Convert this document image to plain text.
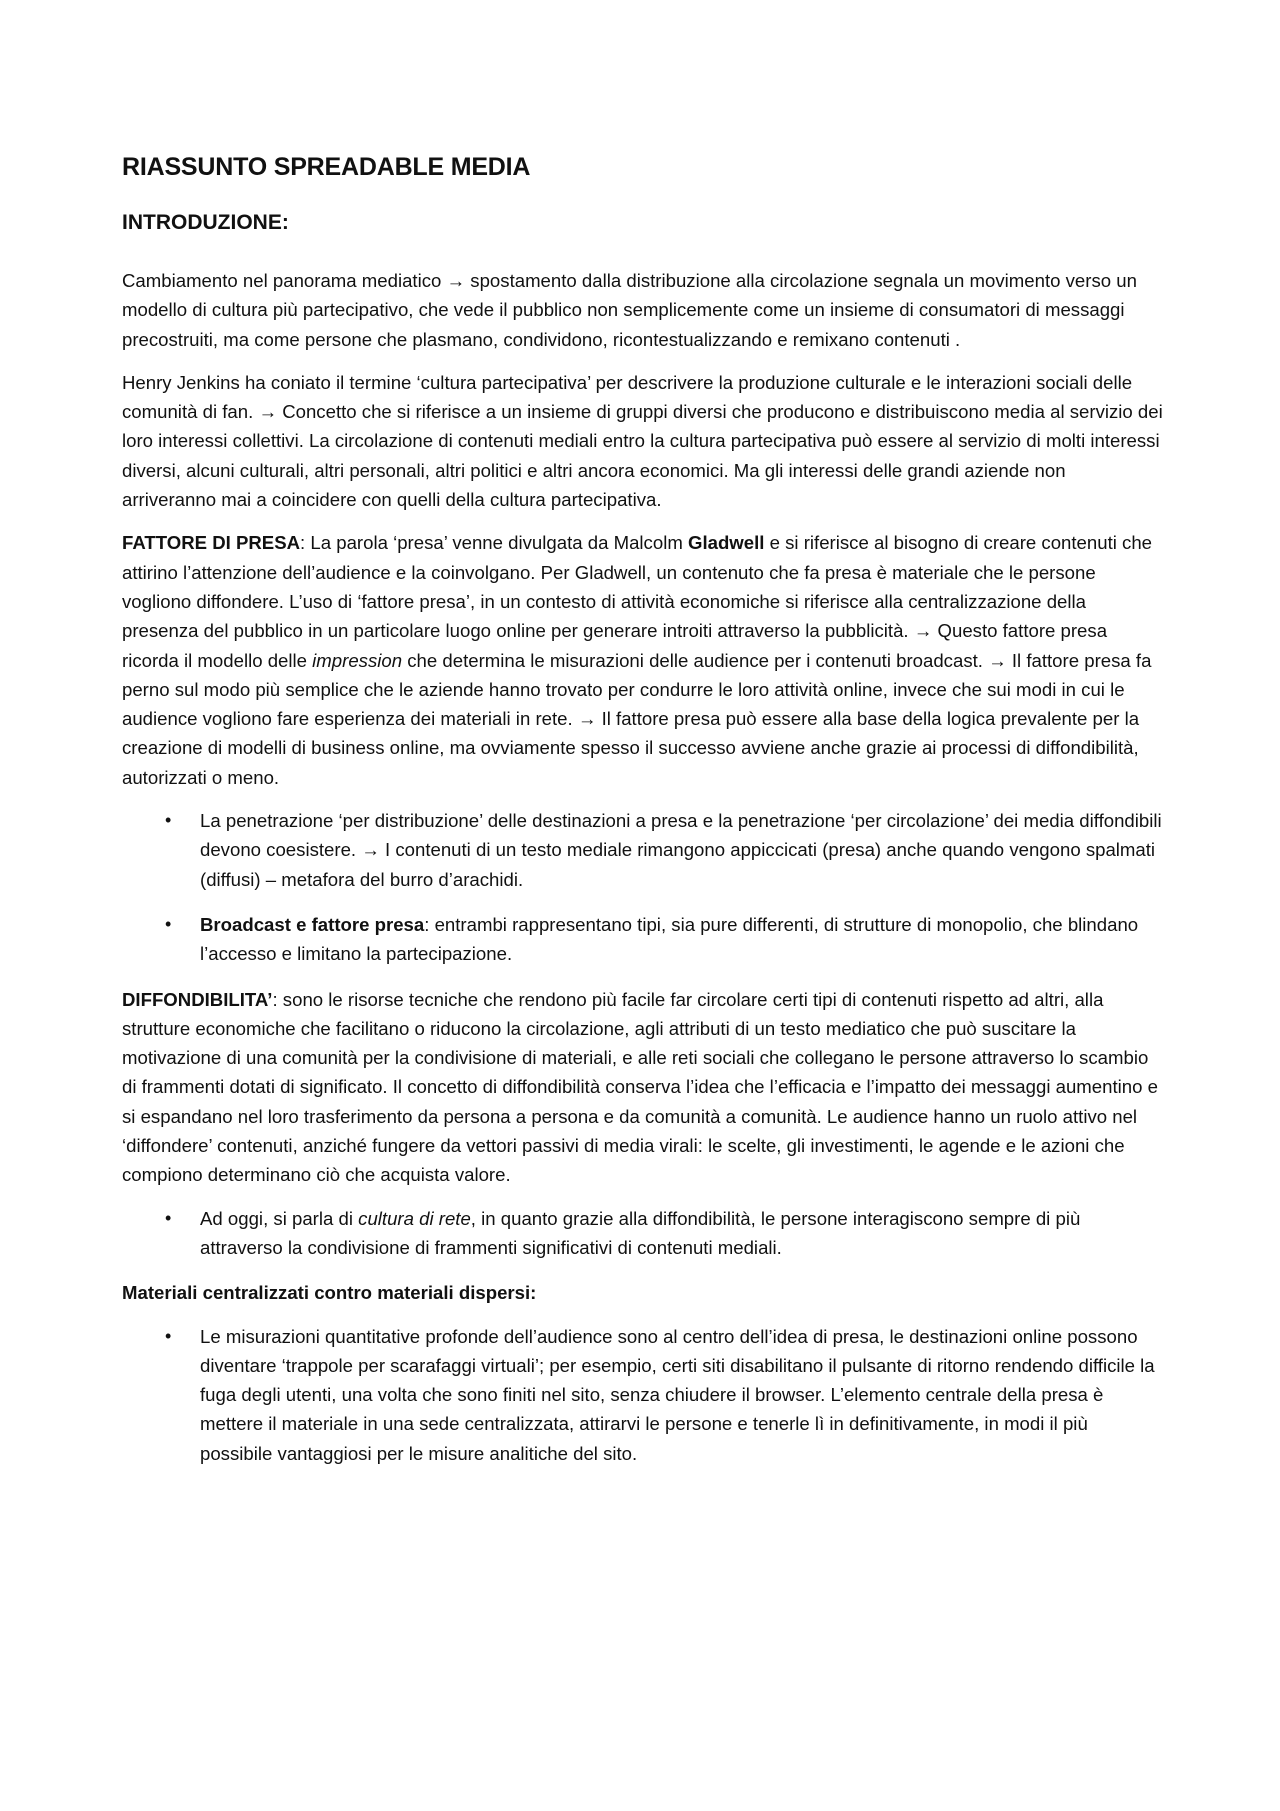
RIASSUNTO SPREADABLE MEDIA
INTRODUZIONE:

Cambiamento nel panorama mediatico → spostamento dalla distribuzione alla circolazione segnala un movimento verso un modello di cultura più partecipativo, che vede il pubblico non semplicemente come un insieme di consumatori di messaggi precostruiti, ma come persone che plasmano, condividono, ricontestualizzando e remixano contenuti .

Henry Jenkins ha coniato il termine ‘cultura partecipativa’ per descrivere la produzione culturale e le interazioni sociali delle comunità di fan. → Concetto che si riferisce a un insieme di gruppi diversi che producono e distribuiscono media al servizio dei loro interessi collettivi. La circolazione di contenuti mediali entro la cultura partecipativa può essere al servizio di molti interessi diversi, alcuni culturali, altri personali, altri politici e altri ancora economici. Ma gli interessi delle grandi aziende non arriveranno mai a coincidere con quelli della cultura partecipativa.

FATTORE DI PRESA: La parola ‘presa’ venne divulgata da Malcolm Gladwell e si riferisce al bisogno di creare contenuti che attirino l’attenzione dell’audience e la coinvolgano. Per Gladwell, un contenuto che fa presa è materiale che le persone vogliono diffondere. L’uso di ‘fattore presa’, in un contesto di attività economiche si riferisce alla centralizzazione della presenza del pubblico in un particolare luogo online per generare introiti attraverso la pubblicità. → Questo fattore presa ricorda il modello delle impression che determina le misurazioni delle audience per i contenuti broadcast. → Il fattore presa fa perno sul modo più semplice che le aziende hanno trovato per condurre le loro attività online, invece che sui modi in cui le audience vogliono fare esperienza dei materiali in rete. → Il fattore presa può essere alla base della logica prevalente per la creazione di modelli di business online, ma ovviamente spesso il successo avviene anche grazie ai processi di diffondibilità, autorizzati o meno.

• La penetrazione ‘per distribuzione’ delle destinazioni a presa e la penetrazione ‘per circolazione’ dei media diffondibili devono coesistere. → I contenuti di un testo mediale rimangono appiccicati (presa) anche quando vengono spalmati (diffusi) – metafora del burro d’arachidi.
• Broadcast e fattore presa: entrambi rappresentano tipi, sia pure differenti, di strutture di monopolio, che blindano l’accesso e limitano la partecipazione.

DIFFONDIBILITA’: sono le risorse tecniche che rendono più facile far circolare certi tipi di contenuti rispetto ad altri, alla strutture economiche che facilitano o riducono la circolazione, agli attributi di un testo mediatico che può suscitare la motivazione di una comunità per la condivisione di materiali, e alle reti sociali che collegano le persone attraverso lo scambio di frammenti dotati di significato. Il concetto di diffondibilità conserva l’idea che l’efficacia e l’impatto dei messaggi aumentino e si espandano nel loro trasferimento da persona a persona e da comunità a comunità. Le audience hanno un ruolo attivo nel ‘diffondere’ contenuti, anziché fungere da vettori passivi di media virali: le scelte, gli investimenti, le agende e le azioni che compiono determinano ciò che acquista valore.

• Ad oggi, si parla di cultura di rete, in quanto grazie alla diffondibilità, le persone interagiscono sempre di più attraverso la condivisione di frammenti significativi di contenuti mediali.

Materiali centralizzati contro materiali dispersi:

• Le misurazioni quantitative profonde dell’audience sono al centro dell’idea di presa, le destinazioni online possono diventare ‘trappole per scarafaggi virtuali’; per esempio, certi siti disabilitano il pulsante di ritorno rendendo difficile la fuga degli utenti, una volta che sono finiti nel sito, senza chiudere il browser. L’elemento centrale della presa è mettere il materiale in una sede centralizzata, attirarvi le persone e tenerle lì in definitivamente, in modi il più possibile vantaggiosi per le misure analitiche del sito.
